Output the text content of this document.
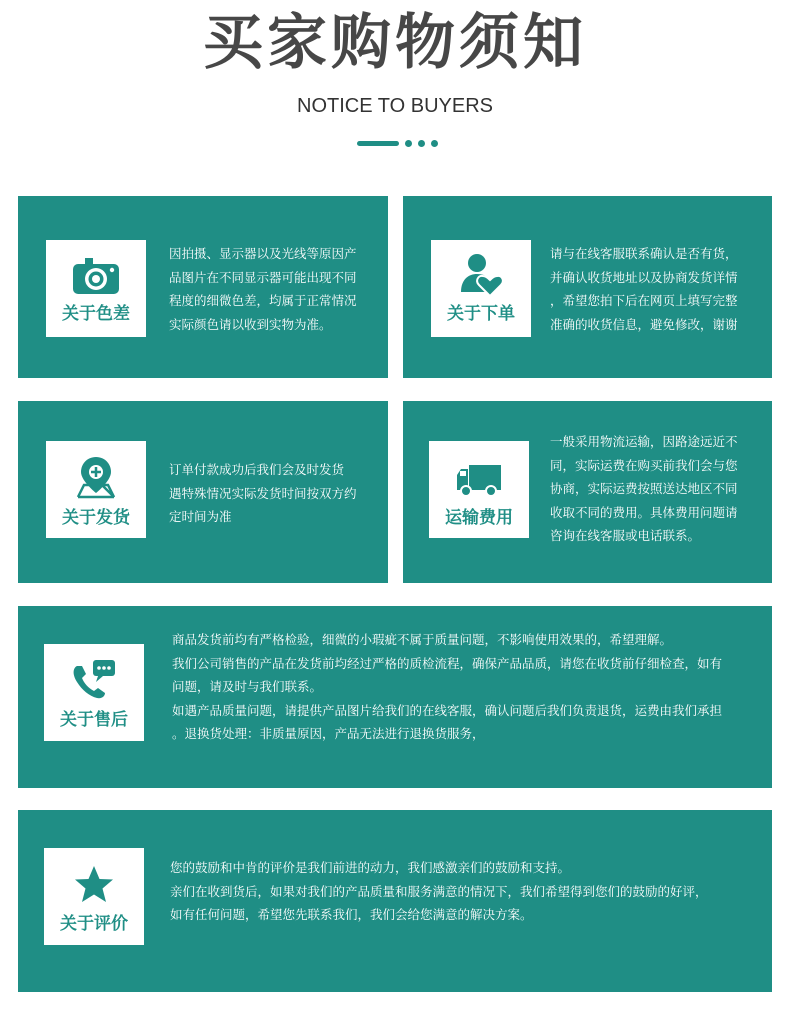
买家购物须知
NOTICE TO BUYERS
关于色差

因拍摄、显示器以及光线等原因产

品图片在不同显示器可能出现不同

程度的细微色差，均属于正常情况

实际颜色请以收到实物为准。	关于下单

请与在线客服联系确认是否有货，

并确认收货地址以及协商发货详情

，希望您拍下后在网页上填写完整

准确的收货信息，避免修改，谢谢

关于发货

订单付款成功后我们会及时发货

遇特殊情况实际发货时间按双方约

定时间为准	运输费用

一般采用物流运输，因路途远近不

同，实际运费在购买前我们会与您

协商，实际运费按照送达地区不同

收取不同的费用。具体费用问题请

咨询在线客服或电话联系。

关于售后

商品发货前均有严格检验，细微的小瑕疵不属于质量问题，不影响使用效果的，希望理解。

我们公司销售的产品在发货前均经过严格的质检流程，确保产品品质，请您在收货前仔细检查，如有

问题，请及时与我们联系。

如遇产品质量问题，请提供产品图片给我们的在线客服，确认问题后我们负责退货，运费由我们承担

。退换货处理：非质量原因，产品无法进行退换货服务，

关于评价

您的鼓励和中肯的评价是我们前进的动力，我们感激亲们的鼓励和支持。

亲们在收到货后，如果对我们的产品质量和服务满意的情况下，我们希望得到您们的鼓励的好评，

如有任何问题，希望您先联系我们，我们会给您满意的解决方案。
